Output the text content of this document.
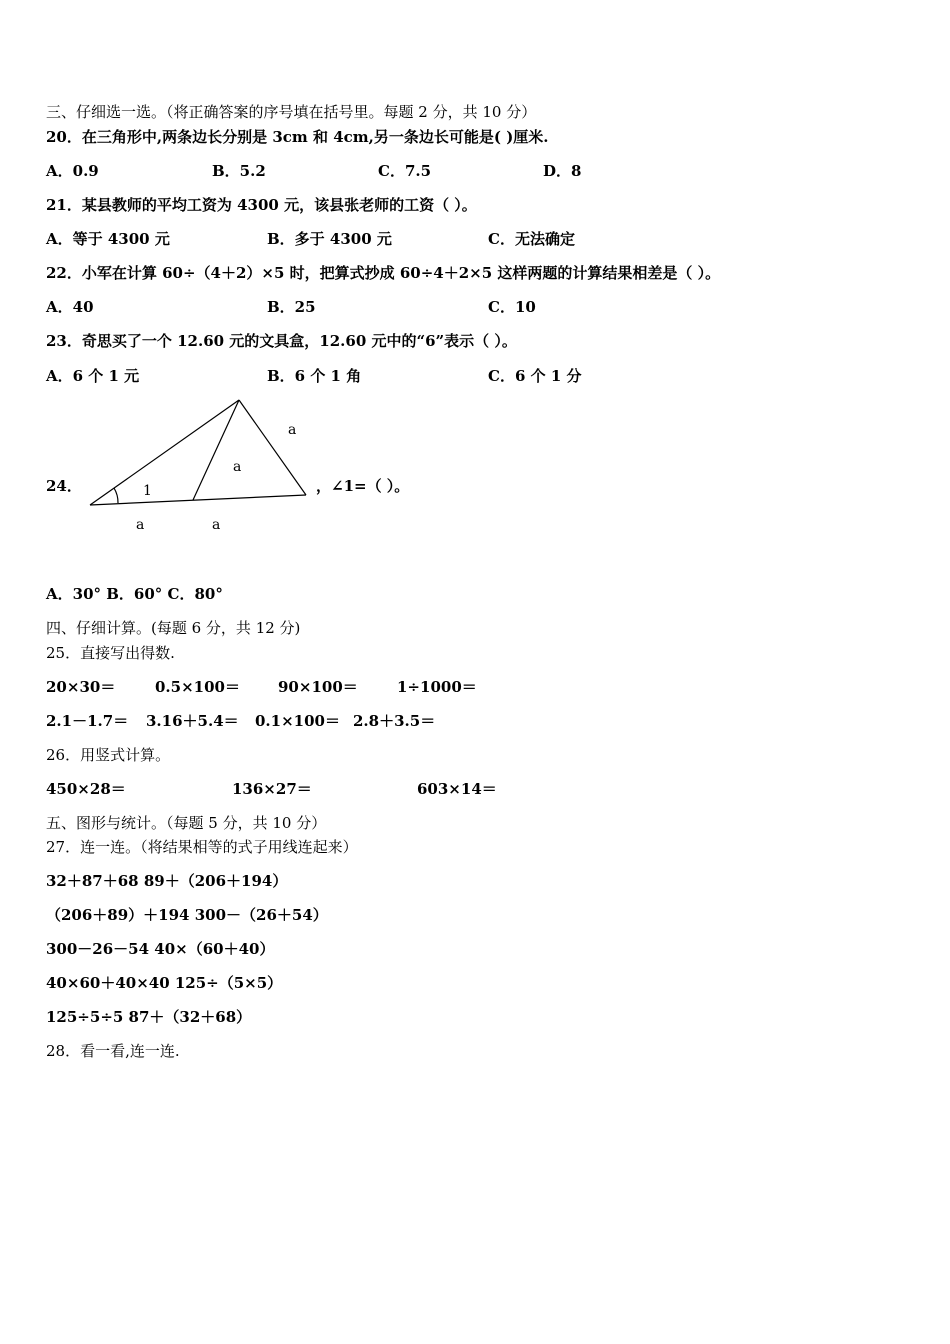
三、仔细选一选。（将正确答案的序号填在括号里。每题 2 分，共 10 分）
20．在三角形中,两条边长分别是 3cm 和 4cm,另一条边长可能是( )厘米.
A．0.9	B．5.2	C．7.5	D．8
21．某县教师的平均工资为 4300 元，该县张老师的工资（ ）。
A．等于 4300 元	B．多于 4300 元	C．无法确定
22．小军在计算 60÷（4＋2）×5 时，把算式抄成 60÷4＋2×5 这样两题的计算结果相差是（ ）。
A．40	B．25	C．10
23．奇思买了一个 12.60 元的文具盒，12.60 元中的“6”表示（ ）。
A．6 个 1 元	B．6 个 1 角	C．6 个 1 分
24．	1
a
a
a	a
，∠1=（ ）。
A．30° B．60° C．80°
四、仔细计算。(每题 6 分，共 12 分)
25．直接写出得数.
20×30＝	0.5×100＝	90×100＝	1÷1000＝
2.1－1.7＝ 3.16＋5.4＝ 0.1×100＝ 2.8＋3.5＝
26．用竖式计算。
450×28＝	136×27＝	603×14＝
五、图形与统计。（每题 5 分，共 10 分）
27．连一连。（将结果相等的式子用线连起来）
32＋87＋68 89＋（206＋194）
（206＋89）＋194 300－（26＋54）
300－26－54 40×（60＋40）
40×60＋40×40 125÷（5×5）
125÷5÷5 87＋（32＋68）
28．看一看,连一连.
